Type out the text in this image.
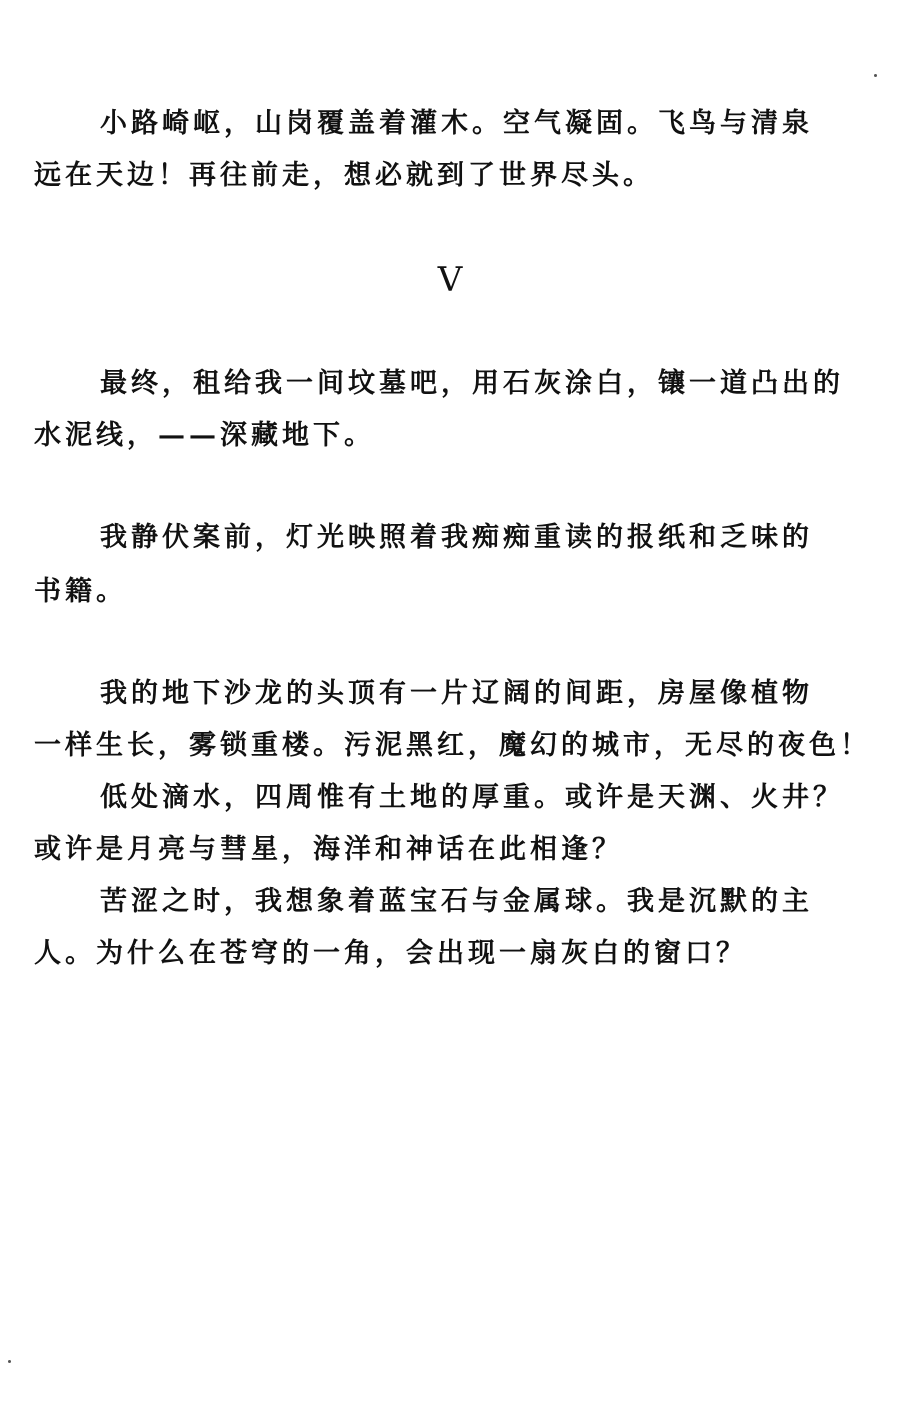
小路崎岖，山岗覆盖着灌木。空气凝固。飞鸟与清泉
远在天边！再往前走，想必就到了世界尽头。
V
最终，租给我一间坟墓吧，用石灰涂白，镶一道凸出的
水泥线，——深藏地下。
我静伏案前，灯光映照着我痴痴重读的报纸和乏味的
书籍。
我的地下沙龙的头顶有一片辽阔的间距，房屋像植物
一样生长，雾锁重楼。污泥黑红，魔幻的城市，无尽的夜色！
低处滴水，四周惟有土地的厚重。或许是天渊、火井？
或许是月亮与彗星，海洋和神话在此相逢？
苦涩之时，我想象着蓝宝石与金属球。我是沉默的主
人。为什么在苍穹的一角，会出现一扇灰白的窗口？
